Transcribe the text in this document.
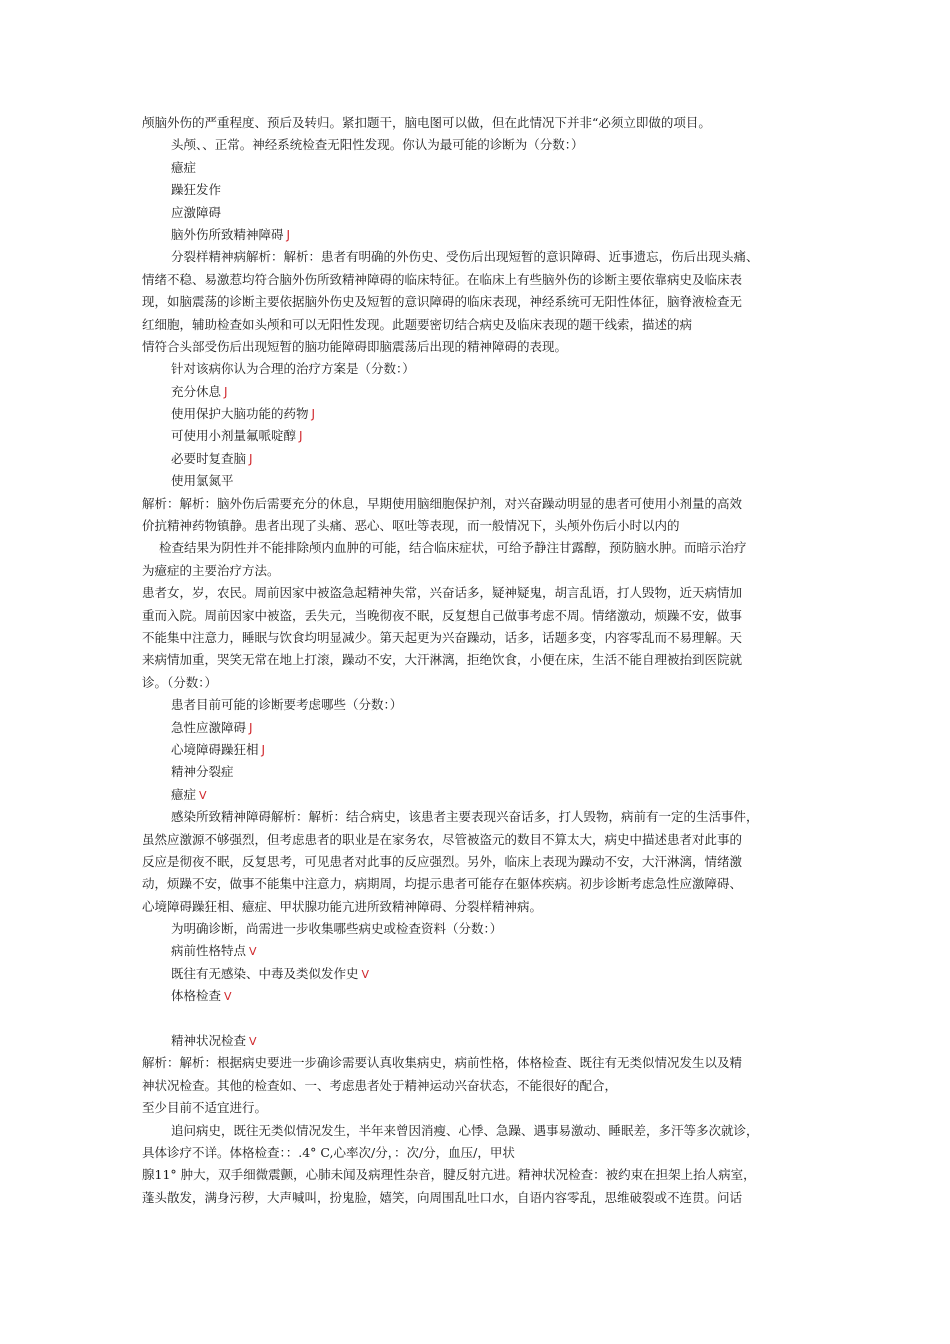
颅脑外伤的严重程度、预后及转归。紧扣题干，脑电图可以做，但在此情况下并非“必须立即做的项目。
头颅、、正常。神经系统检查无阳性发现。你认为最可能的诊断为（分数：）
癔症
躁狂发作
应激障碍
脑外伤所致精神障碍 J
分裂样精神病解析：解析：患者有明确的外伤史、受伤后出现短暂的意识障碍、近事遗忘，伤后出现头痛、
情绪不稳、易激惹均符合脑外伤所致精神障碍的临床特征。在临床上有些脑外伤的诊断主要依靠病史及临床表
现，如脑震荡的诊断主要依据脑外伤史及短暂的意识障碍的临床表现，神经系统可无阳性体征，脑脊液检查无
红细胞，辅助检查如头颅和可以无阳性发现。此题要密切结合病史及临床表现的题干线索，描述的病
情符合头部受伤后出现短暂的脑功能障碍即脑震荡后出现的精神障碍的表现。
针对该病你认为合理的治疗方案是（分数：）
充分休息 J
使用保护大脑功能的药物 J
可使用小剂量氟哌啶醇 J
必要时复查脑 J
使用氯氮平
解析：解析：脑外伤后需要充分的休息，早期使用脑细胞保护剂，对兴奋躁动明显的患者可使用小剂量的高效
价抗精神药物镇静。患者出现了头痛、恶心、呕吐等表现，而一般情况下，头颅外伤后小时以内的
检查结果为阴性并不能排除颅内血肿的可能，结合临床症状，可给予静注甘露醇，预防脑水肿。而暗示治疗
为癔症的主要治疗方法。
患者女，岁，农民。周前因家中被盗急起精神失常，兴奋话多，疑神疑鬼，胡言乱语，打人毁物，近天病情加
重而入院。周前因家中被盗，丢失元，当晚彻夜不眠，反复想自己做事考虑不周。情绪激动，烦躁不安，做事
不能集中注意力，睡眠与饮食均明显减少。第天起更为兴奋躁动，话多，话题多变，内容零乱而不易理解。天
来病情加重，哭笑无常在地上打滚，躁动不安，大汗淋漓，拒绝饮食，小便在床，生活不能自理被抬到医院就
诊。（分数：）
患者目前可能的诊断要考虑哪些（分数：）
急性应激障碍 J
心境障碍躁狂相 J
精神分裂症
癔症 V
感染所致精神障碍解析：解析：结合病史，该患者主要表现兴奋话多，打人毁物，病前有一定的生活事件，
虽然应激源不够强烈，但考虑患者的职业是在家务农，尽管被盗元的数目不算太大，病史中描述患者对此事的
反应是彻夜不眠，反复思考，可见患者对此事的反应强烈。另外，临床上表现为躁动不安，大汗淋漓，情绪激
动，烦躁不安，做事不能集中注意力，病期周，均提示患者可能存在躯体疾病。初步诊断考虑急性应激障碍、
心境障碍躁狂相、癔症、甲状腺功能亢进所致精神障碍、分裂样精神病。
为明确诊断，尚需进一步收集哪些病史或检查资料（分数：）
病前性格特点 V
既往有无感染、中毒及类似发作史 V
体格检查 V
精神状况检查 V
解析：解析：根据病史要进一步确诊需要认真收集病史，病前性格，体格检查、既往有无类似情况发生以及精
神状况检查。其他的检查如、一、考虑患者处于精神运动兴奋状态，不能很好的配合，
至少目前不适宜进行。
追问病史，既往无类似情况发生，半年来曾因消瘦、心悸、急躁、遇事易激动、睡眠差，多汗等多次就诊，
具体诊疗不详。体格检查：：.4° C,心率次/分，：次/分，血压/，甲状
腺11° 肿大，双手细微震颤，心肺未闻及病理性杂音，腱反射亢进。精神状况检查：被约束在担架上抬人病室，
蓬头散发，满身污秽，大声喊叫，扮鬼脸，嬉笑，向周围乱吐口水，自语内容零乱，思维破裂或不连贯。问话
